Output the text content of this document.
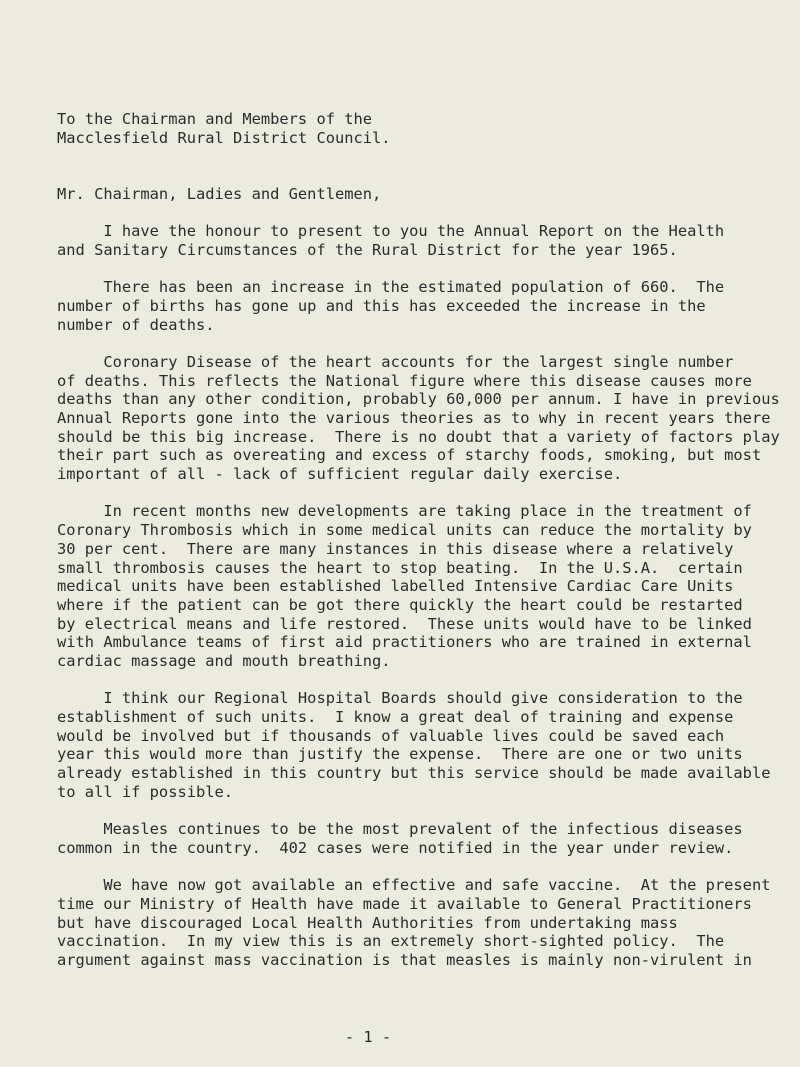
To the Chairman and Members of the
Macclesfield Rural District Council.
Mr. Chairman, Ladies and Gentlemen,
I have the honour to present to you the Annual Report on the Health
and Sanitary Circumstances of the Rural District for the year 1965.
There has been an increase in the estimated population of 660.  The
number of births has gone up and this has exceeded the increase in the
number of deaths.
Coronary Disease of the heart accounts for the largest single number
of deaths. This reflects the National figure where this disease causes more
deaths than any other condition, probably 60,000 per annum. I have in previous
Annual Reports gone into the various theories as to why in recent years there
should be this big increase.  There is no doubt that a variety of factors play
their part such as overeating and excess of starchy foods, smoking, but most
important of all - lack of sufficient regular daily exercise.
In recent months new developments are taking place in the treatment of
Coronary Thrombosis which in some medical units can reduce the mortality by
30 per cent.  There are many instances in this disease where a relatively
small thrombosis causes the heart to stop beating.  In the U.S.A.  certain
medical units have been established labelled Intensive Cardiac Care Units
where if the patient can be got there quickly the heart could be restarted
by electrical means and life restored.  These units would have to be linked
with Ambulance teams of first aid practitioners who are trained in external
cardiac massage and mouth breathing.
I think our Regional Hospital Boards should give consideration to the
establishment of such units.  I know a great deal of training and expense
would be involved but if thousands of valuable lives could be saved each
year this would more than justify the expense.  There are one or two units
already established in this country but this service should be made available
to all if possible.
Measles continues to be the most prevalent of the infectious diseases
common in the country.  402 cases were notified in the year under review.
We have now got available an effective and safe vaccine.  At the present
time our Ministry of Health have made it available to General Practitioners
but have discouraged Local Health Authorities from undertaking mass
vaccination.  In my view this is an extremely short-sighted policy.  The
argument against mass vaccination is that measles is mainly non-virulent in
- 1 -
